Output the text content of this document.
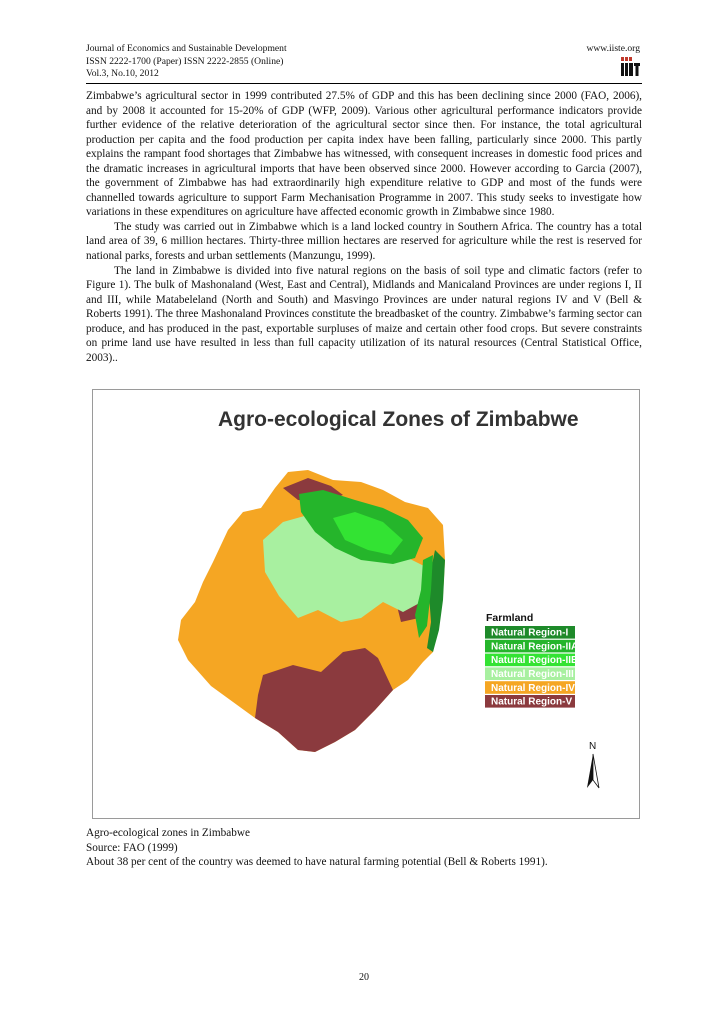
Journal of Economics and Sustainable Development
ISSN 2222-1700 (Paper) ISSN 2222-2855 (Online)
Vol.3, No.10, 2012
www.iiste.org

Zimbabwe’s agricultural sector in 1999 contributed 27.5% of GDP and this has been declining since 2000 (FAO, 2006), and by 2008 it accounted for 15-20% of GDP (WFP, 2009). Various other agricultural performance indicators provide further evidence of the relative deterioration of the agricultural sector since then. For instance, the total agricultural production per capita and the food production per capita index have been falling, particularly since 2000. This partly explains the rampant food shortages that Zimbabwe has witnessed, with consequent increases in domestic food prices and the dramatic increases in agricultural imports that have been observed since 2000. However according to Garcia (2007), the government of Zimbabwe has had extraordinarily high expenditure relative to GDP and most of the funds were channelled towards agriculture to support Farm Mechanisation Programme in 2007. This study seeks to investigate how variations in these expenditures on agriculture have affected economic growth in Zimbabwe since 1980.

The study was carried out in Zimbabwe which is a land locked country in Southern Africa. The country has a total land area of 39, 6 million hectares. Thirty-three million hectares are reserved for agriculture while the rest is reserved for national parks, forests and urban settlements (Manzungu, 1999).

The land in Zimbabwe is divided into five natural regions on the basis of soil type and climatic factors (refer to Figure 1). The bulk of Mashonaland (West, East and Central), Midlands and Manicaland Provinces are under regions I, II and III, while Matabeleland (North and South) and Masvingo Provinces are under natural regions IV and V (Bell & Roberts 1991). The three Mashonaland Provinces constitute the breadbasket of the country. Zimbabwe’s farming sector can produce, and has produced in the past, exportable surpluses of maize and certain other food crops. But severe constraints on prime land use have resulted in less than full capacity utilization of its natural resources (Central Statistical Office, 2003)..

Agro-ecological Zones of Zimbabwe
Farmland
Natural Region-I
Natural Region-IIA
Natural Region-IIB
Natural Region-III
Natural Region-IV
Natural Region-V
N
Agro-ecological zones in Zimbabwe
Source: FAO (1999)
About 38 per cent of the country was deemed to have natural farming potential (Bell & Roberts 1991).
20
